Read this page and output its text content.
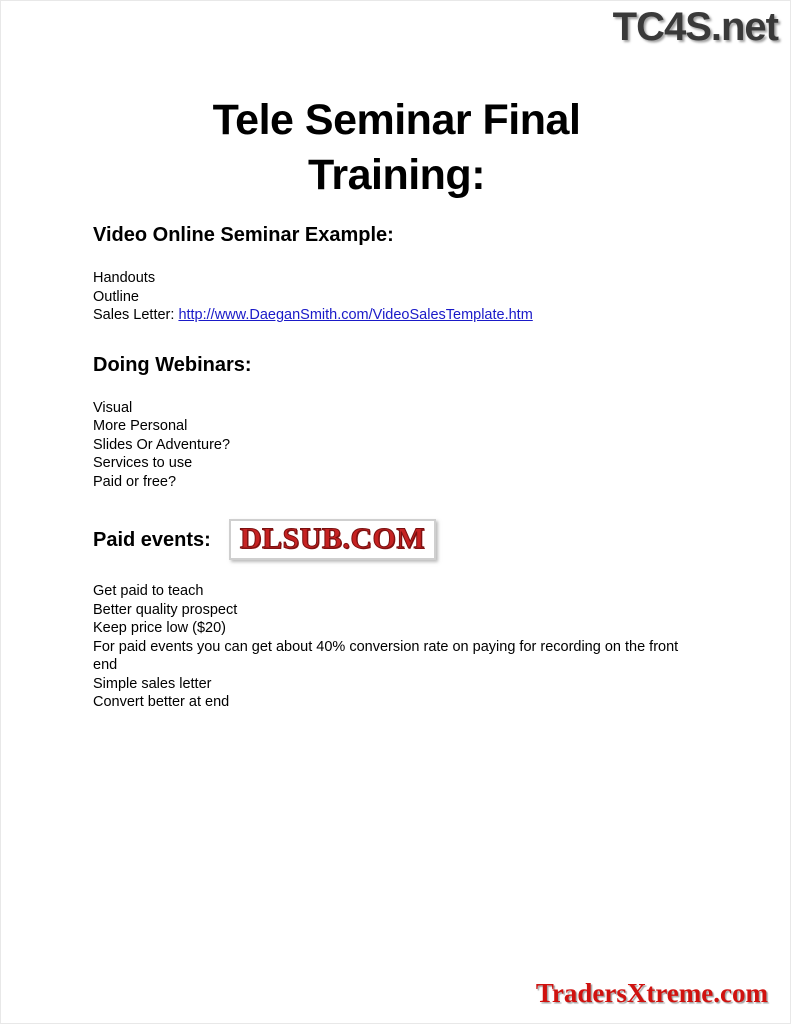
TC4S.net
Tele Seminar Final
Training:
Video Online Seminar Example:
Handouts
Outline
Sales Letter: http://www.DaeganSmith.com/VideoSalesTemplate.htm
Doing Webinars:
Visual
More Personal
Slides Or Adventure?
Services to use
Paid or free?
Paid events: DLSUB.COM
Get paid to teach
Better quality prospect
Keep price low ($20)
For paid events you can get about 40% conversion rate on paying for recording on the front end
Simple sales letter
Convert better at end
TradersXtreme.com
